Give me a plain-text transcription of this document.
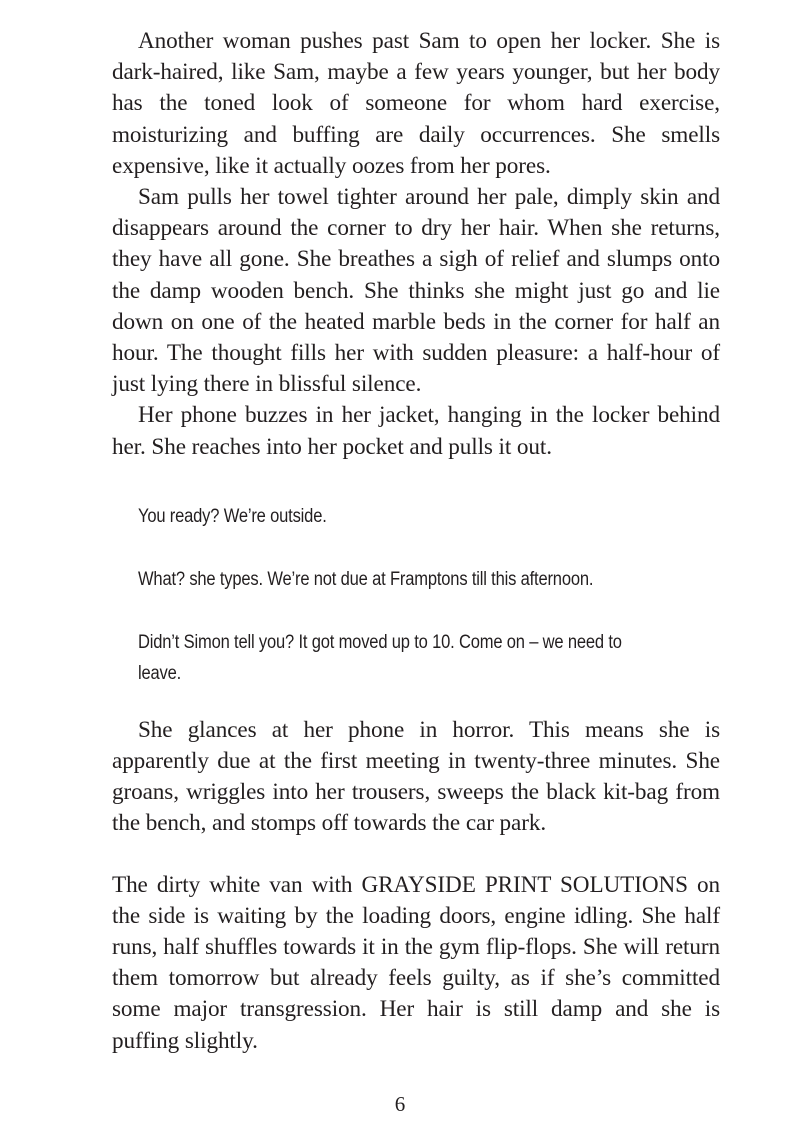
Another woman pushes past Sam to open her locker. She is dark-haired, like Sam, maybe a few years younger, but her body has the toned look of someone for whom hard exercise, moisturizing and buffing are daily occurrences. She smells expensive, like it actually oozes from her pores.

Sam pulls her towel tighter around her pale, dimply skin and disappears around the corner to dry her hair. When she returns, they have all gone. She breathes a sigh of relief and slumps onto the damp wooden bench. She thinks she might just go and lie down on one of the heated marble beds in the corner for half an hour. The thought fills her with sudden pleasure: a half-hour of just lying there in blissful silence.

Her phone buzzes in her jacket, hanging in the locker behind her. She reaches into her pocket and pulls it out.

You ready? We’re outside.

What? she types. We’re not due at Framptons till this afternoon.

Didn’t Simon tell you? It got moved up to 10. Come on – we need to leave.

She glances at her phone in horror. This means she is apparently due at the first meeting in twenty-three minutes. She groans, wriggles into her trousers, sweeps the black kit-bag from the bench, and stomps off towards the car park.

The dirty white van with GRAYSIDE PRINT SOLUTIONS on the side is waiting by the loading doors, engine idling. She half runs, half shuffles towards it in the gym flip-flops. She will return them tomorrow but already feels guilty, as if she’s committed some major transgression. Her hair is still damp and she is puffing slightly.

6
